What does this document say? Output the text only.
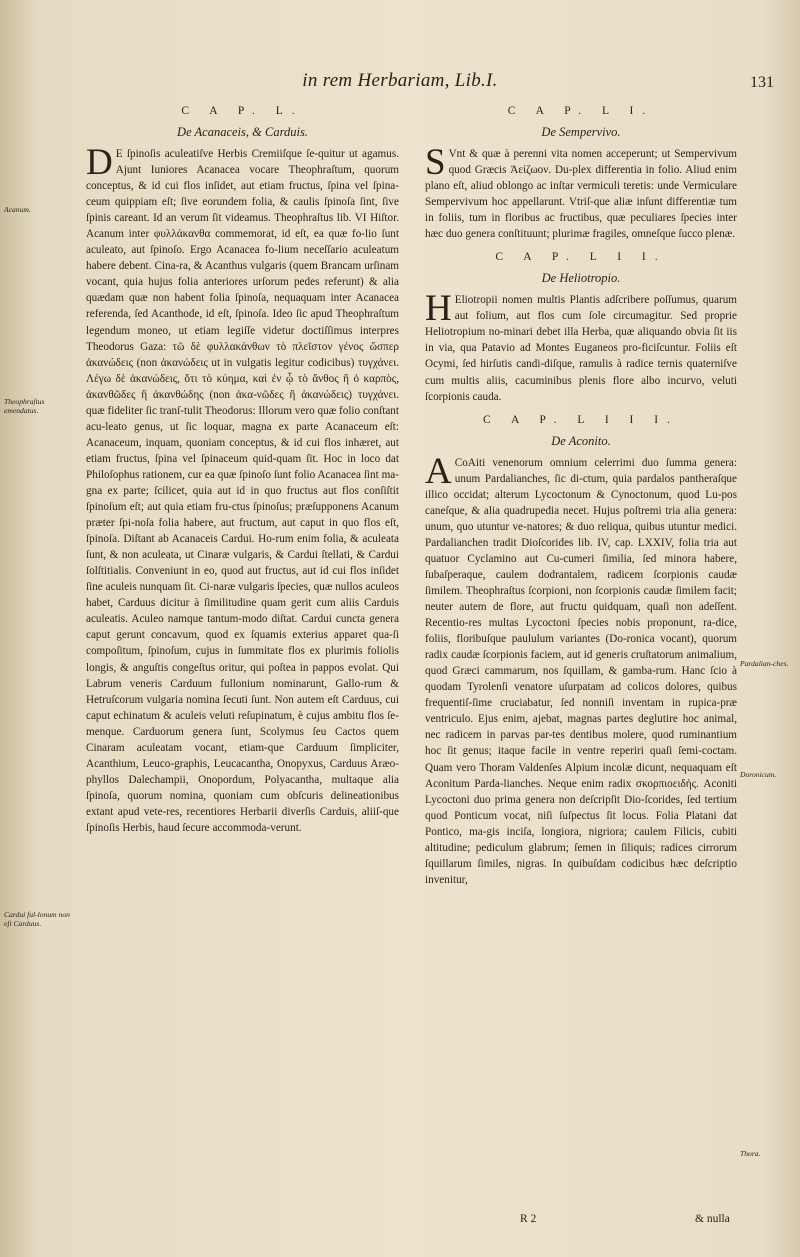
in rem Herbariam, Lib.I.	131

C A P. L.

De Acanaceis, & Carduis.

DE ſpinoſis aculeatiſve Herbis Cremiiſque ſe-quitur ut agamus. Ajunt Iuniores Acanacea vocare Theophraſtum, quorum conceptus, & id cui flos inſidet, aut etiam fructus, ſpina vel ſpina-ceum quippiam eſt; ſive eorundem folia, & caulis ſpinoſa ſint, ſive ſpinis careant. Id an verum ſit videamus. Theophraſtus lib. VI Hiſtor. Acanum inter φυλλάκανθα commemorat, id eſt, ea quæ fo-lio ſunt aculeato, aut ſpinoſo. Ergo Acanacea fo-lium neceſſario aculeatum habere debent. Cina-ra, & Acanthus vulgaris (quem Brancam urſinam vocant, quia hujus folia anteriores urſorum pedes referunt) & alia quædam quæ non habent folia ſpinoſa, nequaquam inter Acanacea referenda, ſed Acanthode, id eſt, ſpinoſa. Ideo ſic apud Theophraſtum legendum moneo, ut etiam legiſſe videtur doctiſſimus interpres Theodorus Gaza: τῶ δὲ φυλλακάνθων τὸ πλεῖστον γένος ὥσπερ ἀκανώδεις (non ἀκανώδεις ut in vulgatis legitur codicibus) τυγχάνει. Λέγω δὲ ἀκανώδεις, ὅτι τὸ κύημα, καὶ ἐν ᾧ τὸ ἄνθος ἢ ὁ καρπὸς, ἀκανθῶδες ἢ ἀκανθώδης (non ἀκα-νῶδες ἢ ἀκανώδεις) τυγχάνει. quæ fideliter ſic tranſ-tulit Theodorus: Illorum vero quæ folio conſtant acu-leato genus, ut ſic loquar, magna ex parte Acanaceum eſt: Acanaceum, inquam, quoniam conceptus, & id cui flos inhæret, aut etiam fructus, ſpina vel ſpinaceum quid-quam ſit. Hoc in loco dat Philoſophus rationem, cur ea quæ ſpinoſo ſunt folio Acanacea ſint ma-gna ex parte; ſcilicet, quia aut id in quo fructus aut flos conſiſtit ſpinoſum eſt; aut quia etiam fru-ctus ſpinoſus; præſupponens Acanum præter ſpi-noſa folia habere, aut fructum, aut caput in quo flos eſt, ſpinoſa. Diſtant ab Acanaceis Cardui. Ho-rum enim folia, & aculeata ſunt, & non aculeata, ut Cinaræ vulgaris, & Cardui ſtellati, & Cardui ſolſtitialis. Conveniunt in eo, quod aut fructus, aut id cui flos inſidet ſine aculeis nunquam ſit. Ci-naræ vulgaris ſpecies, quæ nullos aculeos habet, Carduus dicitur à ſimilitudine quam gerit cum aliis Carduis aculeatis. Aculeo namque tantum-modo diſtat. Cardui cuncta genera caput gerunt concavum, quod ex ſquamis exterius apparet qua-ſi compoſitum, ſpinoſum, cujus in ſummitate flos ex plurimis foliolis longis, & anguſtis congeſtus oritur, qui poſtea in pappos evolat. Qui Labrum veneris Carduum fullonium nominarunt, Gallo-rum & Hetruſcorum vulgaria nomina ſecuti ſunt. Non autem eſt Carduus, cui caput echinatum & aculeis veluti reſupinatum, è cujus ambitu flos ſe-menque. Carduorum genera ſunt, Scolymus ſeu Cactos quem Cinaram aculeatam vocant, etiam-que Carduum ſimpliciter, Acanthium, Leuco-graphis, Leucacantha, Onopyxus, Carduus Aræo-phyllos Dalechampii, Onopordum, Polyacantha, multaque alia ſpinoſa, quorum nomina, quoniam cum obſcuris delineationibus extant apud vete-res, recentiores Herbarii diverſis Carduis, aliiſ-que ſpinoſis Herbis, haud ſecure accommoda-verunt.

C A P. L I.

De Sempervivo.

SVnt & quæ à perenni vita nomen acceperunt; ut Sempervivum quod Græcis Ἀείζωον. Du-plex differentia in folio. Aliud enim plano eſt, aliud oblongo ac inſtar vermiculi teretis: unde Vermiculare Sempervivum hoc appellarunt. Vtriſ-que aliæ inſunt differentiæ tum in foliis, tum in floribus ac fructibus, quæ peculiares ſpecies inter hæc duo genera conſtituunt; plurimæ fragiles, omneſque ſucco plenæ.

C A P. L I I.

De Heliotropio.

HEliotropii nomen multis Plantis adſcribere poſſumus, quarum aut folium, aut flos cum ſole circumagitur. Sed proprie Heliotropium no-minari debet illa Herba, quæ aliquando obvia ſit iis in via, qua Patavio ad Montes Euganeos pro-ficiſcuntur. Foliis eſt Ocymi, ſed hirſutis candi-diſque, ramulis à radice ternis quaterniſve cum multis aliis, cacuminibus plenis flore albo incurvo, veluti ſcorpionis cauda.

C A P. L I I I.

De Aconito.

ACoAiti venenorum omnium celerrimi duo ſumma genera: unum Pardalianches, ſic di-ctum, quia pardalos pantheraſque illico occidat; alterum Lycoctonum & Cynoctonum, quod Lu-pos caneſque, & alia quadrupedia necet. Hujus poſtremi tria alia genera: unum, quo utuntur ve-natores; & duo reliqua, quibus utuntur medici. Pardalianchen tradit Dioſcorides lib. IV, cap. LXXIV, folia tria aut quatuor Cyclamino aut Cu-cumeri ſimilia, ſed minora habere, ſubaſperaque, caulem dodrantalem, radicem ſcorpionis caudæ ſimilem. Theophraſtus ſcorpioni, non ſcorpionis caudæ ſimilem facit; neuter autem de flore, aut fructu quidquam, quaſi non adeſſent. Recentio-res multas Lycoctoni ſpecies nobis proponunt, ra-dice, foliis, floribuſque paululum variantes (Do-ronica vocant), quorum radix caudæ ſcorpionis faciem, aut id generis cruſtatorum animalium, quod Græci cammarum, nos ſquillam, & gamba-rum. Hanc ſcio à quodam Tyrolenſi venatore uſurpatam ad colicos dolores, quibus frequentiſ-ſime cruciabatur, ſed nonniſi inventam in rupica-præ ventriculo. Ejus enim, ajebat, magnas partes deglutire hoc animal, nec radicem in parvas par-tes dentibus molere, quod ruminantium hoc ſit genus; itaque facile in ventre reperiri quaſi ſemi-coctam. Quam vero Thoram Valdenſes Alpium incolæ dicunt, nequaquam eſt Aconitum Parda-lianches. Neque enim radix σκορπιοειδής. Aconiti Lycoctoni duo prima genera non deſcripſit Dio-ſcorides, ſed tertium quod Ponticum vocat, niſi ſuſpectus ſit locus. Folia Platani dat Pontico, ma-gis inciſa, longiora, nigriora; caulem Filicis, cubiti altitudine; pediculum glabrum; ſemen in ſiliquis; radices cirrorum ſquillarum ſimiles, nigras. In quibuſdam codicibus hæc deſcriptio invenitur,

Acanum.
Theophraſtus emendatus.
Cardui ful-lonum non eſt Carduus.
Pardalian-ches.
Doronicum.
Thora.
R 2	& nulla
